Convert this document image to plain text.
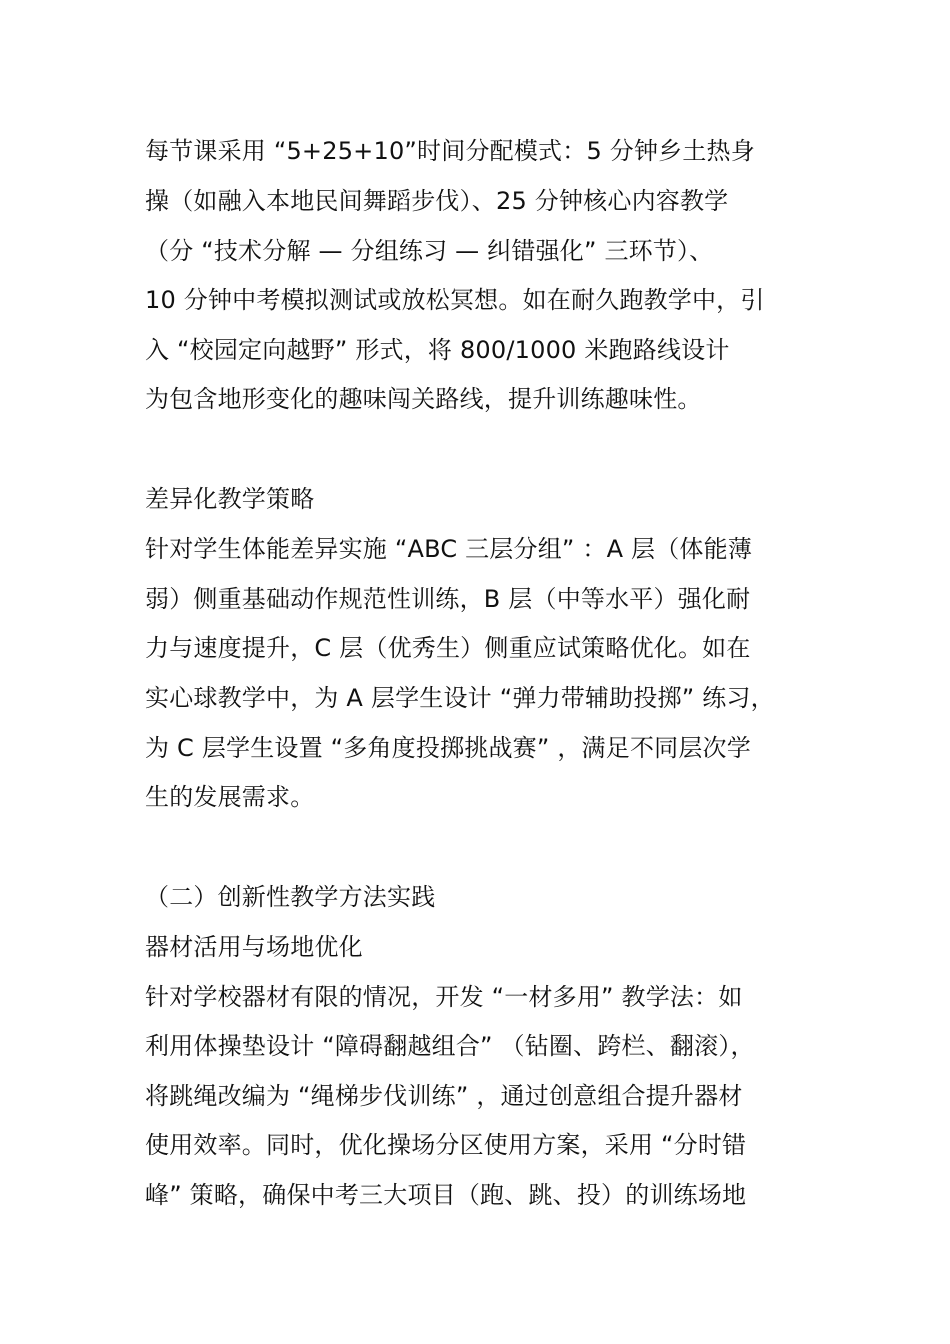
每节课采用 “5+25+10”时间分配模式：5 分钟乡土热身
操（如融入本地民间舞蹈步伐）、25 分钟核心内容教学
（分 “技术分解 — 分组练习 — 纠错强化” 三环节）、
10 分钟中考模拟测试或放松冥想。如在耐久跑教学中，引
入 “校园定向越野” 形式，将 800/1000 米跑路线设计
为包含地形变化的趣味闯关路线，提升训练趣味性。
差异化教学策略
针对学生体能差异实施 “ABC 三层分组” ：A 层（体能薄
弱）侧重基础动作规范性训练，B 层（中等水平）强化耐
力与速度提升，C 层（优秀生）侧重应试策略优化。如在
实心球教学中，为 A 层学生设计 “弹力带辅助投掷” 练习，
为 C 层学生设置 “多角度投掷挑战赛” ，满足不同层次学
生的发展需求。
（二）创新性教学方法实践
器材活用与场地优化
针对学校器材有限的情况，开发 “一材多用” 教学法：如
利用体操垫设计 “障碍翻越组合” （钻圈、跨栏、翻滚），
将跳绳改编为 “绳梯步伐训练” ，通过创意组合提升器材
使用效率。同时，优化操场分区使用方案，采用 “分时错
峰” 策略，确保中考三大项目（跑、跳、投）的训练场地
